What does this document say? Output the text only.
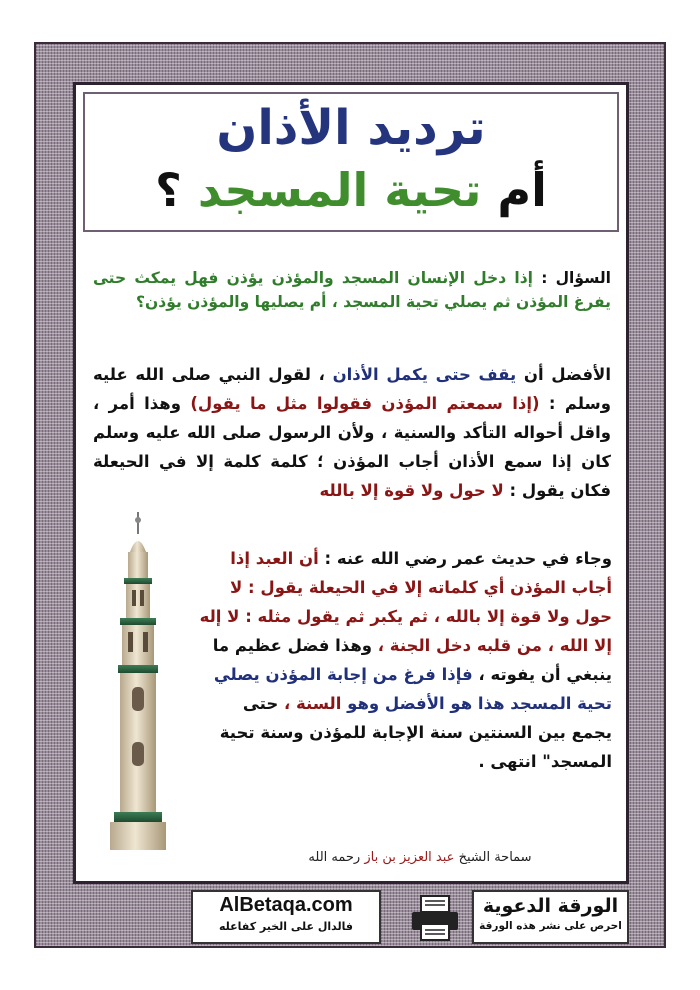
ترديد الأذان
أم تحية المسجد ؟
السؤال : إذا دخل الإنسان المسجد والمؤذن يؤذن فهل يمكث حتى يفرغ المؤذن ثم يصلي تحية المسجد ، أم يصليها والمؤذن يؤذن؟
الأفضل أن يقف حتى يكمل الأذان ، لقول النبي صلى الله عليه وسلم : (إذا سمعتم المؤذن فقولوا مثل ما يقول) وهذا أمر ، واقل أحواله التأكد والسنية ، ولأن الرسول صلى الله عليه وسلم كان إذا سمع الأذان أجاب المؤذن ؛ كلمة كلمة إلا في الحيعلة فكان يقول : لا حول ولا قوة إلا بالله
وجاء في حديث عمر رضي الله عنه : أن العبد إذا أجاب المؤذن أي كلماته إلا في الحيعلة يقول : لا حول ولا قوة إلا بالله ، ثم يكبر ثم يقول مثله : لا إله إلا الله ، من قلبه دخل الجنة ، وهذا فضل عظيم ما ينبغي أن يفوته ، فإذا فرغ من إجابة المؤذن يصلي تحية المسجد هذا هو الأفضل وهو السنة ، حتى يجمع بين السنتين سنة الإجابة للمؤذن وسنة تحية المسجد" انتهى .
سماحة الشيخ عبد العزيز بن باز رحمه الله
الورقة الدعوية
احرص على نشر هذه الورقة
AlBetaqa.com
فالدال على الخير كفاعله
